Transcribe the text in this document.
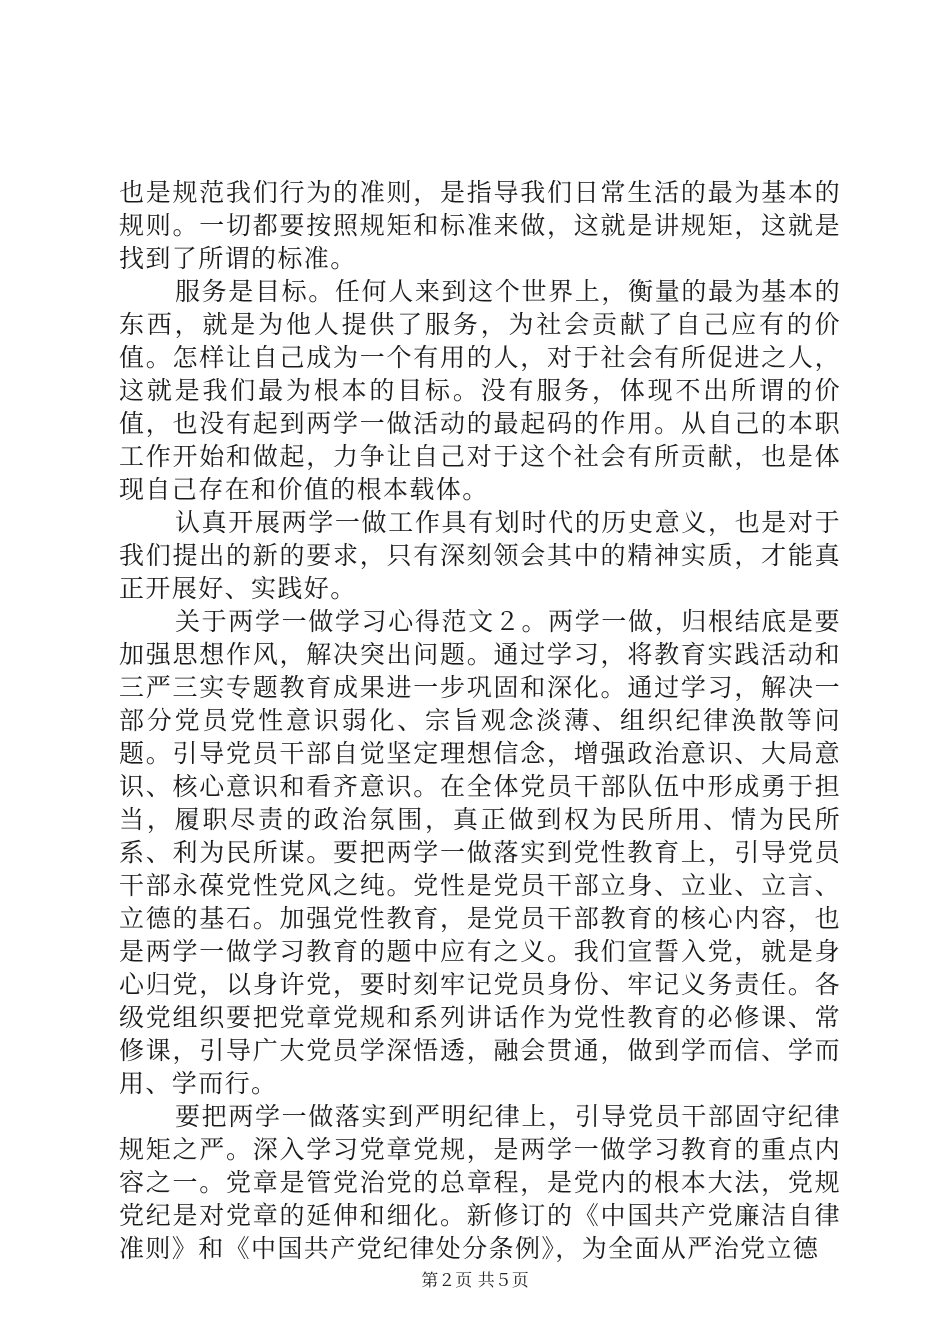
也是规范我们行为的准则，是指导我们日常生活的最为基本的规则。一切都要按照规矩和标准来做，这就是讲规矩，这就是找到了所谓的标准。

服务是目标。任何人来到这个世界上，衡量的最为基本的东西，就是为他人提供了服务，为社会贡献了自己应有的价值。怎样让自己成为一个有用的人，对于社会有所促进之人，这就是我们最为根本的目标。没有服务，体现不出所谓的价值，也没有起到两学一做活动的最起码的作用。从自己的本职工作开始和做起，力争让自己对于这个社会有所贡献，也是体现自己存在和价值的根本载体。

认真开展两学一做工作具有划时代的历史意义，也是对于我们提出的新的要求，只有深刻领会其中的精神实质，才能真正开展好、实践好。

关于两学一做学习心得范文２。两学一做，归根结底是要加强思想作风，解决突出问题。通过学习，将教育实践活动和三严三实专题教育成果进一步巩固和深化。通过学习，解决一部分党员党性意识弱化、宗旨观念淡薄、组织纪律涣散等问题。引导党员干部自觉坚定理想信念，增强政治意识、大局意识、核心意识和看齐意识。在全体党员干部队伍中形成勇于担当，履职尽责的政治氛围，真正做到权为民所用、情为民所系、利为民所谋。要把两学一做落实到党性教育上，引导党员干部永葆党性党风之纯。党性是党员干部立身、立业、立言、立德的基石。加强党性教育，是党员干部教育的核心内容，也是两学一做学习教育的题中应有之义。我们宣誓入党，就是身心归党，以身许党，要时刻牢记党员身份、牢记义务责任。各级党组织要把党章党规和系列讲话作为党性教育的必修课、常修课，引导广大党员学深悟透，融会贯通，做到学而信、学而用、学而行。

要把两学一做落实到严明纪律上，引导党员干部固守纪律规矩之严。深入学习党章党规，是两学一做学习教育的重点内容之一。党章是管党治党的总章程，是党内的根本大法，党规党纪是对党章的延伸和细化。新修订的《中国共产党廉洁自律准则》和《中国共产党纪律处分条例》，为全面从严治党立德

第２页 共５页
